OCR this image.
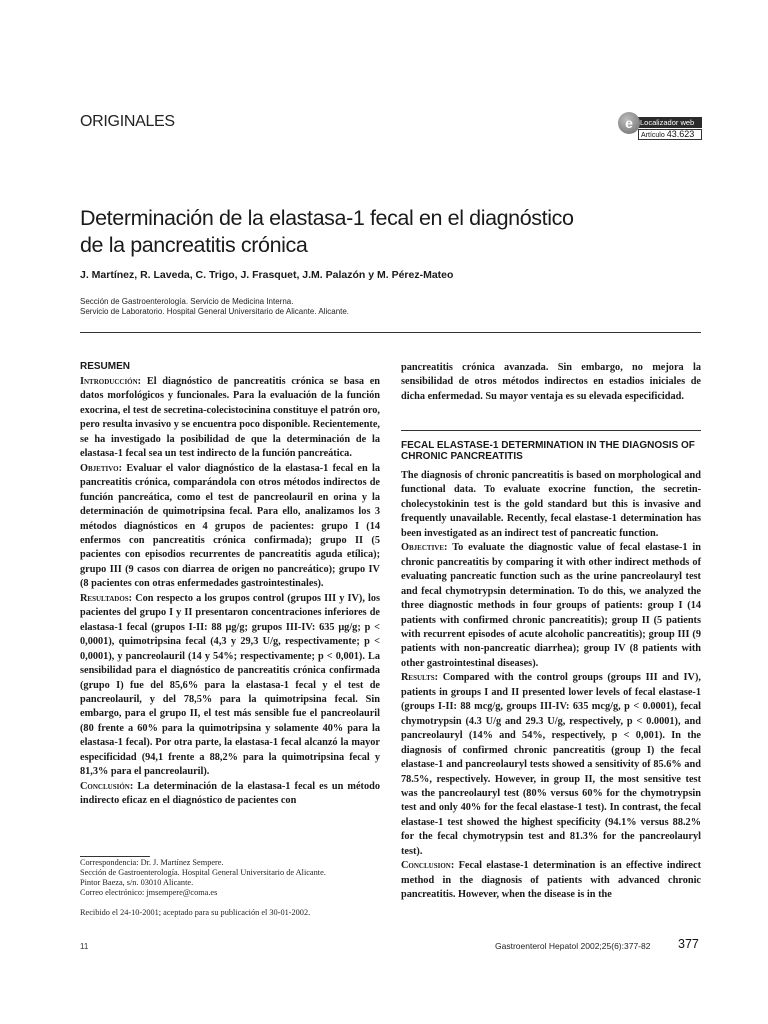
ORIGINALES	Localizador web
Artículo 43.623
e
Determinación de la elastasa-1 fecal en el diagnóstico
de la pancreatitis crónica
J. Martínez, R. Laveda, C. Trigo, J. Frasquet, J.M. Palazón y M. Pérez-Mateo
Sección de Gastroenterología. Servicio de Medicina Interna.
Servicio de Laboratorio. Hospital General Universitario de Alicante. Alicante.
RESUMEN

Introducción: El diagnóstico de pancreatitis crónica se basa en datos morfológicos y funcionales. Para la evaluación de la función exocrina, el test de secretina-colecistocinina constituye el patrón oro, pero resulta invasivo y se encuentra poco disponible. Recientemente, se ha investigado la posibilidad de que la determinación de la elastasa-1 fecal sea un test indirecto de la función pancreática.

Objetivo: Evaluar el valor diagnóstico de la elastasa-1 fecal en la pancreatitis crónica, comparándola con otros métodos indirectos de función pancreática, como el test de pancreolauril en orina y la determinación de quimotripsina fecal. Para ello, analizamos los 3 métodos diagnósticos en 4 grupos de pacientes: grupo I (14 enfermos con pancreatitis crónica confirmada); grupo II (5 pacientes con episodios recurrentes de pancreatitis aguda etílica); grupo III (9 casos con diarrea de origen no pancreático); grupo IV (8 pacientes con otras enfermedades gastrointestinales).

Resultados: Con respecto a los grupos control (grupos III y IV), los pacientes del grupo I y II presentaron concentraciones inferiores de elastasa-1 fecal (grupos I-II: 88 μg/g; grupos III-IV: 635 μg/g; p < 0,0001), quimotripsina fecal (4,3 y 29,3 U/g, respectivamente; p < 0,0001), y pancreolauril (14 y 54%; respectivamente; p < 0,001). La sensibilidad para el diagnóstico de pancreatitis crónica confirmada (grupo I) fue del 85,6% para la elastasa-1 fecal y el test de pancreolauril, y del 78,5% para la quimotripsina fecal. Sin embargo, para el grupo II, el test más sensible fue el pancreolauril (80 frente a 60% para la quimotripsina y solamente 40% para la elastasa-1 fecal). Por otra parte, la elastasa-1 fecal alcanzó la mayor especificidad (94,1 frente a 88,2% para la quimotripsina fecal y 81,3% para el pancreolauril).

Conclusión: La determinación de la elastasa-1 fecal es un método indirecto eficaz en el diagnóstico de pacientes con

pancreatitis crónica avanzada. Sin embargo, no mejora la sensibilidad de otros métodos indirectos en estadios iniciales de dicha enfermedad. Su mayor ventaja es su elevada especificidad.

FECAL ELASTASE-1 DETERMINATION IN THE DIAGNOSIS OF CHRONIC PANCREATITIS

The diagnosis of chronic pancreatitis is based on morphological and functional data. To evaluate exocrine function, the secretin-cholecystokinin test is the gold standard but this is invasive and frequently unavailable. Recently, fecal elastase-1 determination has been investigated as an indirect test of pancreatic function.

Objective: To evaluate the diagnostic value of fecal elastase-1 in chronic pancreatitis by comparing it with other indirect methods of evaluating pancreatic function such as the urine pancreolauryl test and fecal chymotrypsin determination. To do this, we analyzed the three diagnostic methods in four groups of patients: group I (14 patients with confirmed chronic pancreatitis); group II (5 patients with recurrent episodes of acute alcoholic pancreatitis); group III (9 patients with non-pancreatic diarrhea); group IV (8 patients with other gastrointestinal diseases).

Results: Compared with the control groups (groups III and IV), patients in groups I and II presented lower levels of fecal elastase-1 (groups I-II: 88 mcg/g, groups III-IV: 635 mcg/g, p < 0.0001), fecal chymotrypsin (4.3 U/g and 29.3 U/g, respectively, p < 0.0001), and pancreolauryl (14% and 54%, respectively, p < 0,001). In the diagnosis of confirmed chronic pancreatitis (group I) the fecal elastase-1 and pancreolauryl tests showed a sensitivity of 85.6% and 78.5%, respectively. However, in group II, the most sensitive test was the pancreolauryl test (80% versus 60% for the chymotrypsin test and only 40% for the fecal elastase-1 test). In contrast, the fecal elastase-1 test showed the highest specificity (94.1% versus 88.2% for the fecal chymotrypsin test and 81.3% for the pancreolauryl test).

Conclusion: Fecal elastase-1 determination is an effective indirect method in the diagnosis of patients with advanced chronic pancreatitis. However, when the disease is in the

Correspondencia: Dr. J. Martínez Sempere.
Sección de Gastroenterología. Hospital General Universitario de Alicante.
Pintor Baeza, s/n. 03010 Alicante.
Correo electrónico: jmsempere@coma.es
Recibido el 24-10-2001; aceptado para su publicación el 30-01-2002.
11	Gastroenterol Hepatol 2002;25(6):377-82 377
